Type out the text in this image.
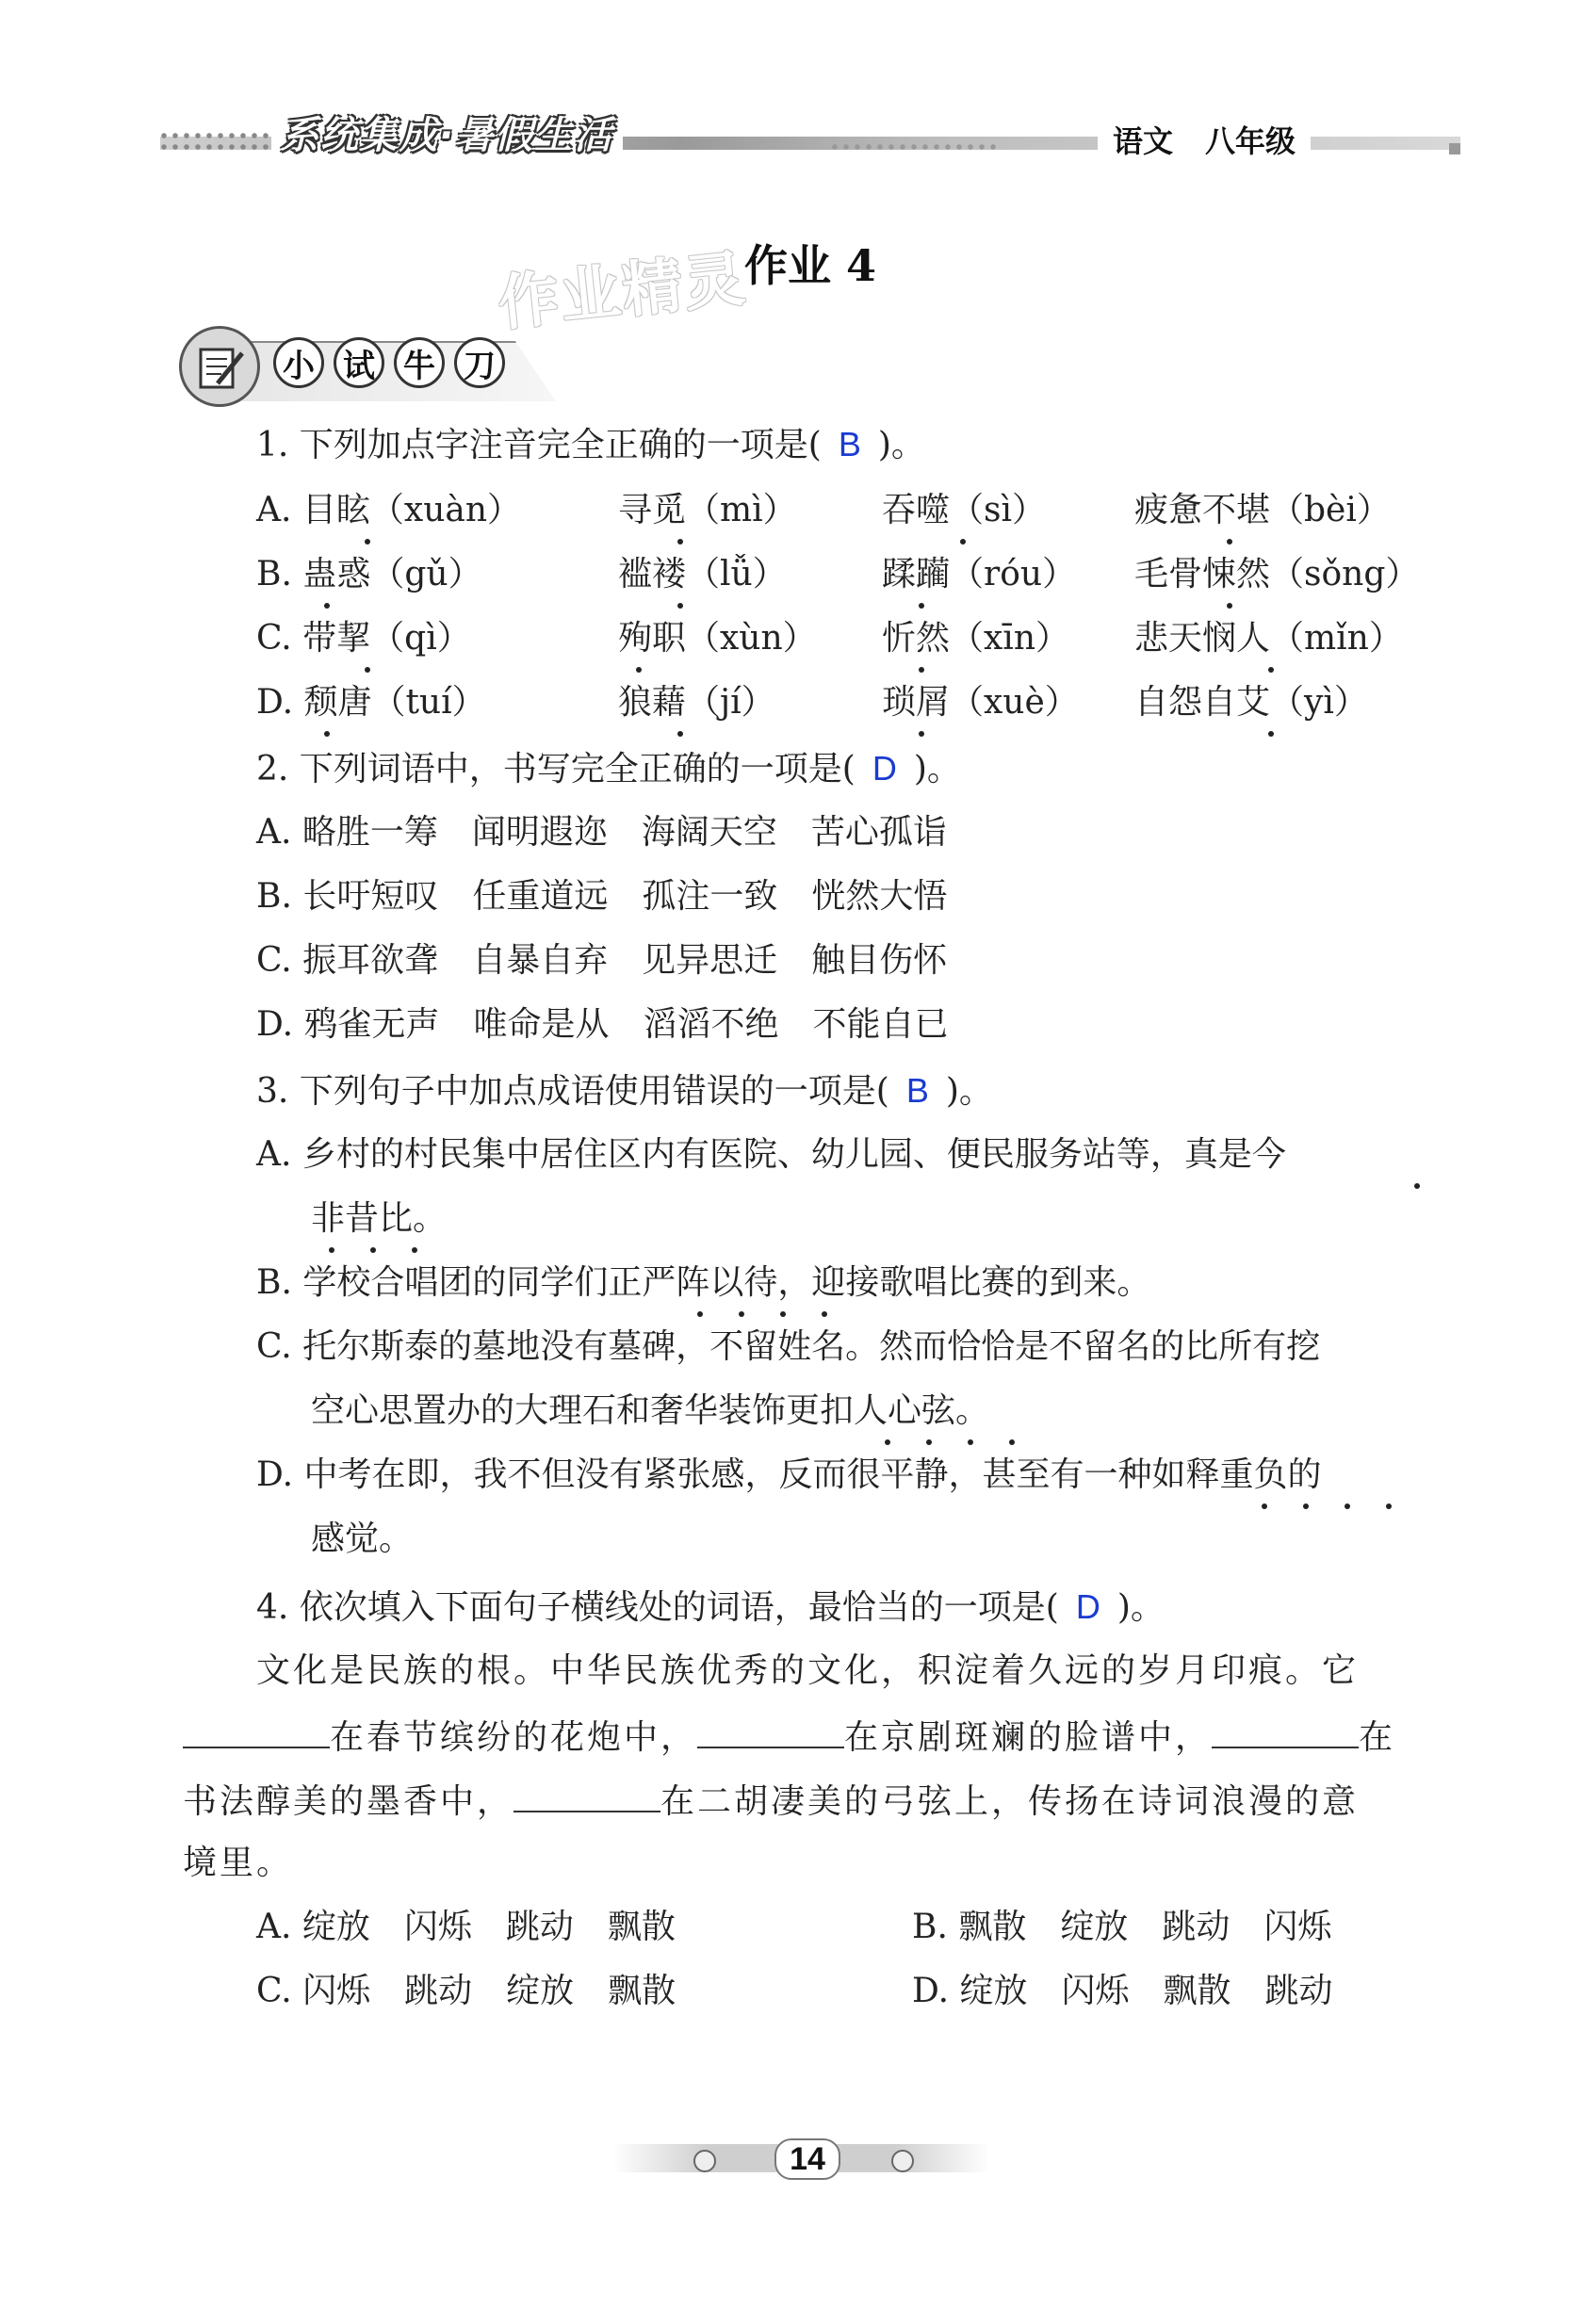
系统集成·暑假生活	语文 八年级
作业精灵
作业 4
小 试 牛 刀
1. 下列加点字注音完全正确的一项是( B )。
A. 目眩（xuàn）	寻觅（mì）	吞噬（sì）	疲惫不堪（bèi）
B. 蛊惑（gǔ）	褴褛（lǚ）	蹂躏（róu） 毛骨悚然（sǒng）
C. 带挈（qì）	殉职（xùn） 忻然（xīn） 悲天悯人（mǐn）
D. 颓唐（tuí）	狼藉（jí）	琐屑（xuè） 自怨自艾（yì）
2. 下列词语中，书写完全正确的一项是( D )。
A. 略胜一筹　闻明遐迩　海阔天空　苦心孤诣
B. 长吁短叹　任重道远　孤注一致　恍然大悟
C. 振耳欲聋　自暴自弃　见异思迁　触目伤怀
D. 鸦雀无声　唯命是从　滔滔不绝　不能自已
3. 下列句子中加点成语使用错误的一项是( B )。
A. 乡村的村民集中居住区内有医院、幼儿园、便民服务站等，真是今
非昔比。
B. 学校合唱团的同学们正严阵以待，迎接歌唱比赛的到来。
C. 托尔斯泰的墓地没有墓碑，不留姓名。然而恰恰是不留名的比所有挖
空心思置办的大理石和奢华装饰更扣人心弦。
D. 中考在即，我不但没有紧张感，反而很平静，甚至有一种如释重负的
感觉。
4. 依次填入下面句子横线处的词语，最恰当的一项是( D )。
文化是民族的根。中华民族优秀的文化，积淀着久远的岁月印痕。它
在春节缤纷的花炮中，	在京剧斑斓的脸谱中，	在
书法醇美的墨香中，	在二胡凄美的弓弦上，传扬在诗词浪漫的意
境里。
A. 绽放　闪烁　跳动　飘散	B. 飘散　绽放　跳动　闪烁
C. 闪烁　跳动　绽放　飘散	D. 绽放　闪烁　飘散　跳动
14
